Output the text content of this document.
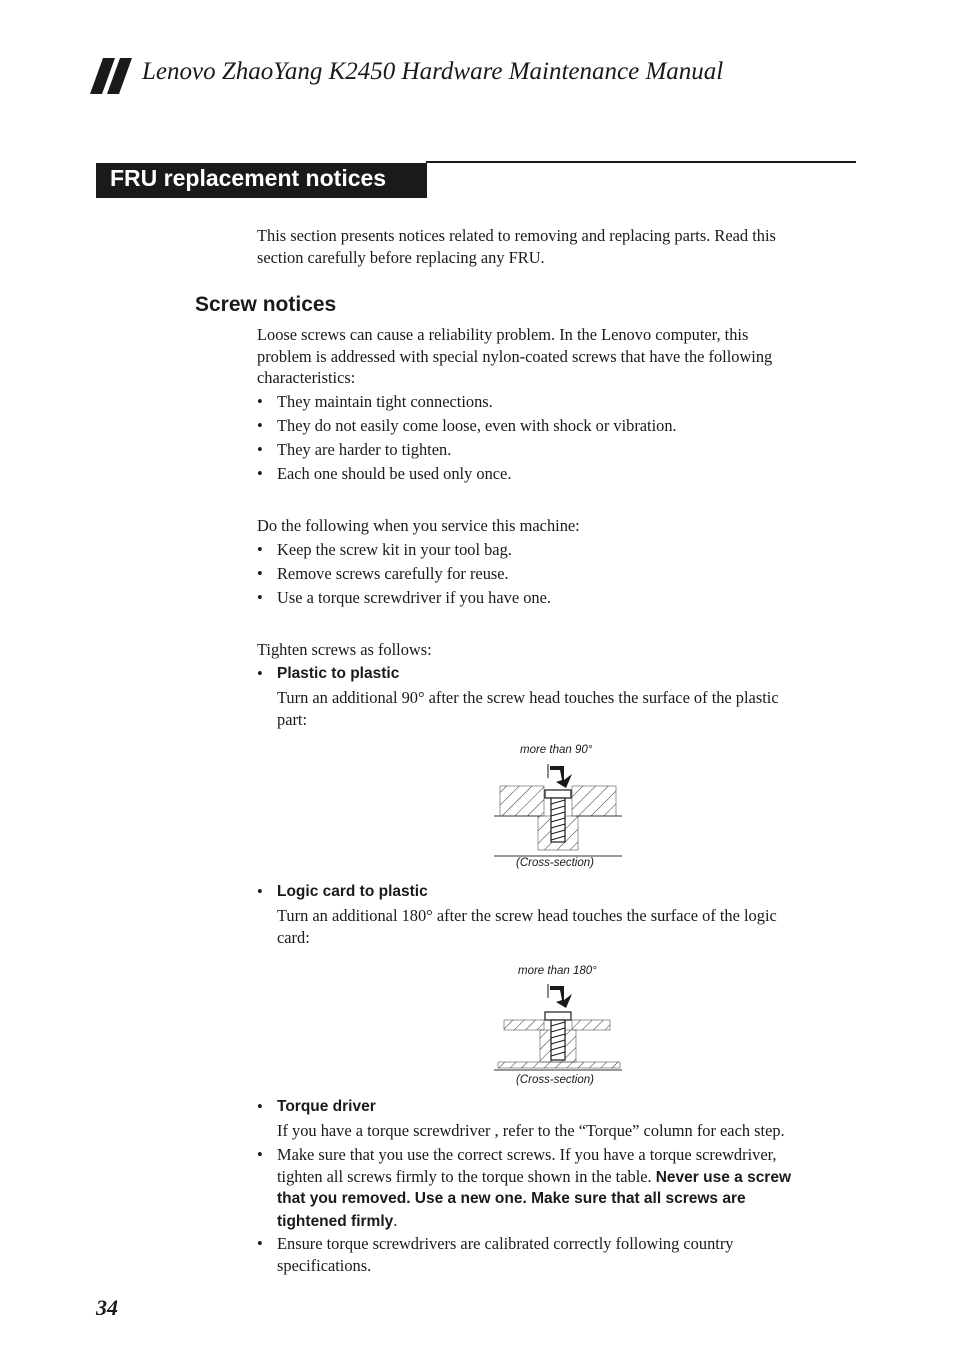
Lenovo ZhaoYang K2450 Hardware Maintenance Manual
FRU replacement notices
This section presents notices related to removing and replacing parts. Read this
section carefully before replacing any FRU.
Screw notices
Loose screws can cause a reliability problem. In the Lenovo computer, this
problem is addressed with special nylon-coated screws that have the following
characteristics:
• They maintain tight connections.
• They do not easily come loose, even with shock or vibration.
• They are harder to tighten.
• Each one should be used only once.
Do the following when you service this machine:
• Keep the screw kit in your tool bag.
• Remove screws carefully for reuse.
• Use a torque screwdriver if you have one.
Tighten screws as follows:
• Plastic to plastic
Turn an additional 90° after the screw head touches the surface of the plastic
part:
more than 90°
(Cross-section)
• Logic card to plastic
Turn an additional 180° after the screw head touches the surface of the logic
card:
more than 180°
(Cross-section)
• Torque driver
If you have a torque screwdriver , refer to the “Torque” column for each step.
• Make sure that you use the correct screws. If you have a torque screwdriver,
tighten all screws firmly to the torque shown in the table. Never use a screw
that you removed. Use a new one. Make sure that all screws are
tightened firmly.
• Ensure torque screwdrivers are calibrated correctly following country
specifications.
34
